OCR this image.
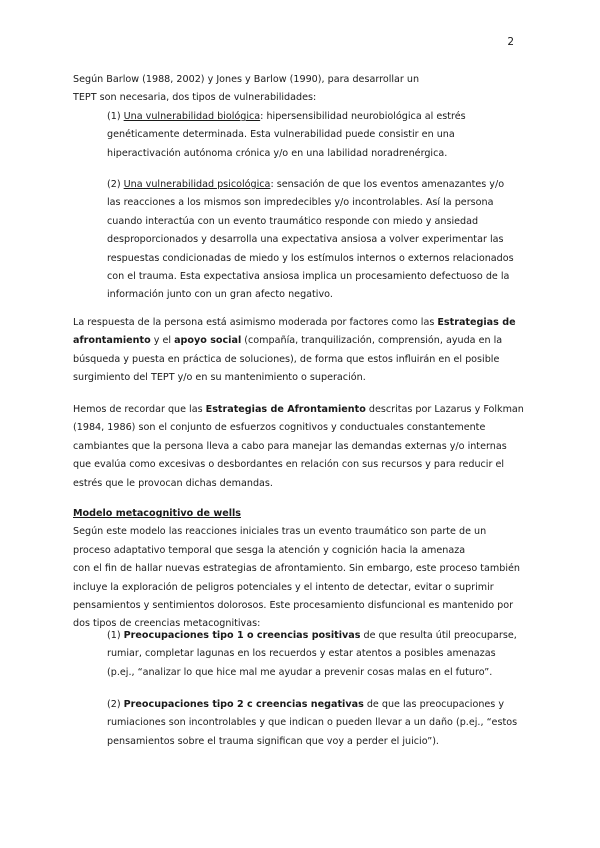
2
Según Barlow (1988, 2002) y Jones y Barlow (1990), para desarrollar un
TEPT son necesaria, dos tipos de vulnerabilidades:
(1) Una vulnerabilidad biológica: hipersensibilidad neurobiológica al estrés
genéticamente determinada. Esta vulnerabilidad puede consistir en una
hiperactivación autónoma crónica y/o en una labilidad noradrenérgica.
(2) Una vulnerabilidad psicológica: sensación de que los eventos amenazantes y/o
las reacciones a los mismos son impredecibles y/o incontrolables. Así la persona
cuando interactúa con un evento traumático responde con miedo y ansiedad
desproporcionados y desarrolla una expectativa ansiosa a volver experimentar las
respuestas condicionadas de miedo y los estímulos internos o externos relacionados
con el trauma. Esta expectativa ansiosa implica un procesamiento defectuoso de la
información junto con un gran afecto negativo.
La respuesta de la persona está asimismo moderada por factores como las Estrategias de
afrontamiento y el apoyo social (compañía, tranquilización, comprensión, ayuda en la
búsqueda y puesta en práctica de soluciones), de forma que estos influirán en el posible
surgimiento del TEPT y/o en su mantenimiento o superación.
Hemos de recordar que las Estrategias de Afrontamiento descritas por Lazarus y Folkman
(1984, 1986) son el conjunto de esfuerzos cognitivos y conductuales constantemente
cambiantes que la persona lleva a cabo para manejar las demandas externas y/o internas
que evalúa como excesivas o desbordantes en relación con sus recursos y para reducir el
estrés que le provocan dichas demandas.
Modelo metacognitivo de wells
Según este modelo las reacciones iniciales tras un evento traumático son parte de un
proceso adaptativo temporal que sesga la atención y cognición hacia la amenaza
con el fin de hallar nuevas estrategias de afrontamiento. Sin embargo, este proceso también
incluye la exploración de peligros potenciales y el intento de detectar, evitar o suprimir
pensamientos y sentimientos dolorosos. Este procesamiento disfuncional es mantenido por
dos tipos de creencias metacognitivas:
(1) Preocupaciones tipo 1 o creencias positivas de que resulta útil preocuparse,
rumiar, completar lagunas en los recuerdos y estar atentos a posibles amenazas
(p.ej., “analizar lo que hice mal me ayudar a prevenir cosas malas en el futuro”.
(2) Preocupaciones tipo 2 c creencias negativas de que las preocupaciones y
rumiaciones son incontrolables y que indican o pueden llevar a un daño (p.ej., “estos
pensamientos sobre el trauma significan que voy a perder el juicio”).
